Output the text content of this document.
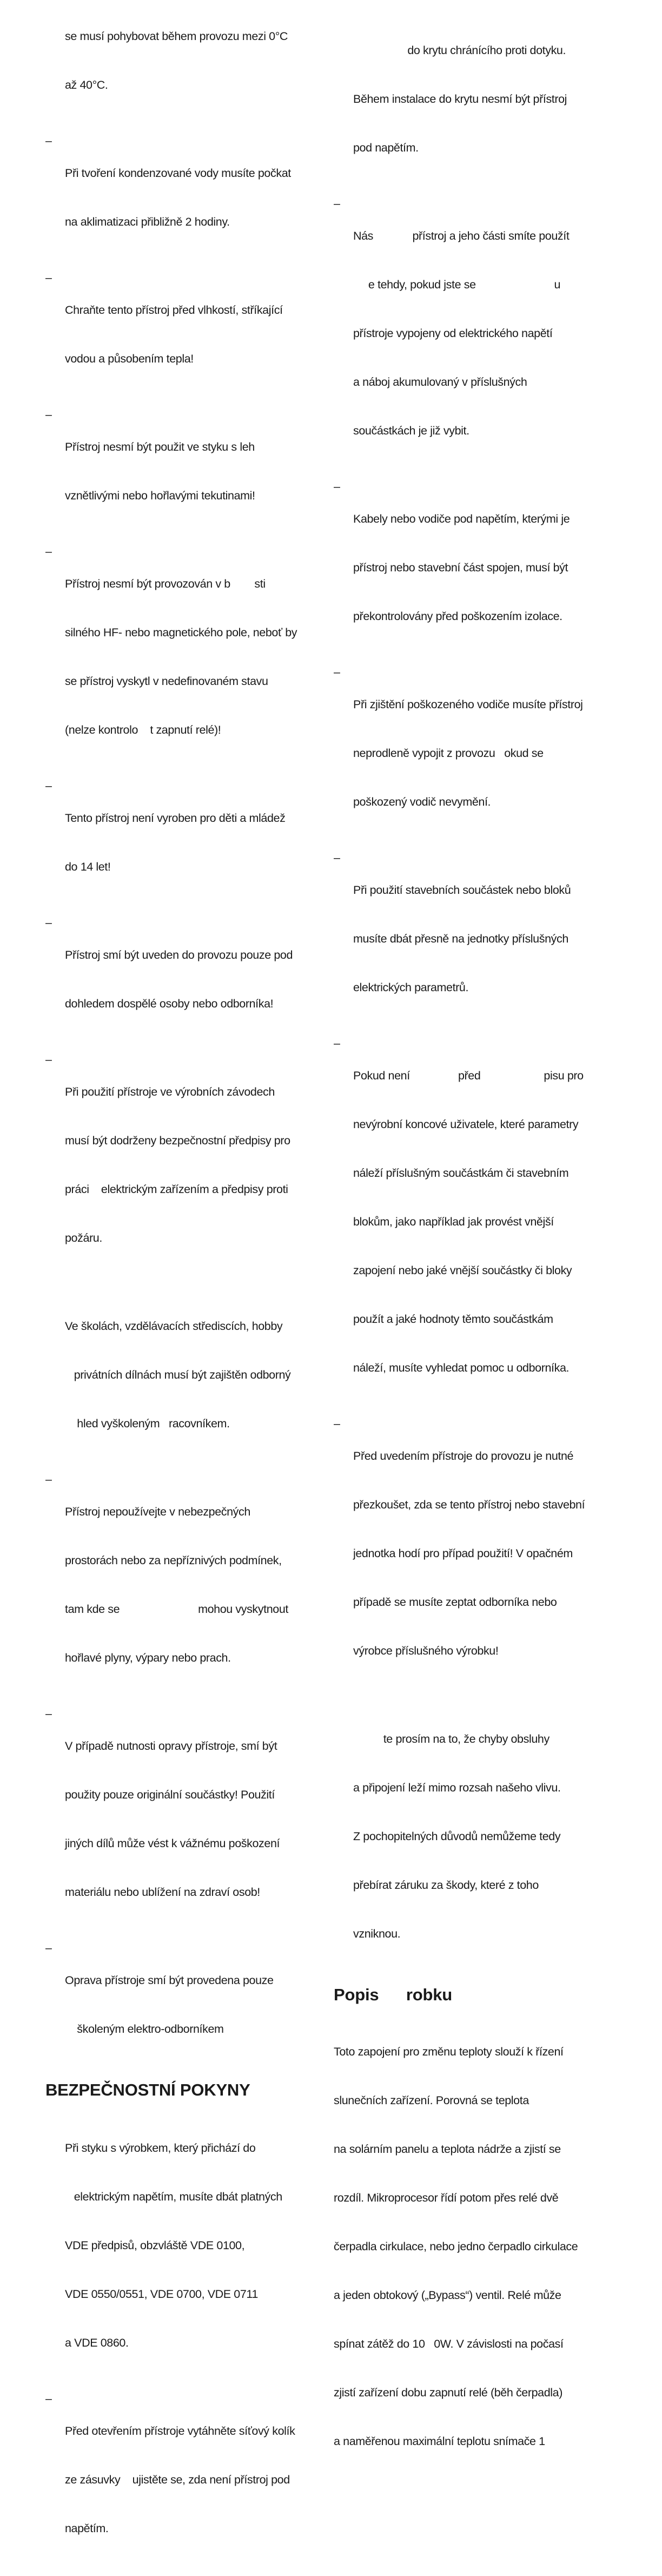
se musí pohybovat během provozu mezi 0°C

až 40°C.

–

Při tvoření kondenzované vody musíte počkat

na aklimatizaci přibližně 2 hodiny.

–

Chraňte tento přístroj před vlhkostí, stříkající

vodou a působením tepla!

–

Přístroj nesmí být použit ve styku s leh

vznětlivými nebo hořlavými tekutinami!

–

Přístroj nesmí být provozován v b        sti

silného HF- nebo magnetického pole, neboť by

se přístroj vyskytl v nedefinovaném stavu

(nelze kontrolo    t zapnutí relé)!

–

Tento přístroj není vyroben pro děti a mládež

do 14 let!

–

Přístroj smí být uveden do provozu pouze pod

dohledem dospělé osoby nebo odborníka!

–

Při použití přístroje ve výrobních závodech

musí být dodrženy bezpečnostní předpisy pro

práci    elektrickým zařízením a předpisy proti

požáru.

Ve školách, vzdělávacích střediscích, hobby

privátních dílnách musí být zajištěn odborný

hled vyškoleným   racovníkem.

–

Přístroj nepoužívejte v nebezpečných

prostorách nebo za nepříznivých podmínek,

tam kde se                          mohou vyskytnout

hořlavé plyny, výpary nebo prach.

–

V případě nutnosti opravy přístroje, smí být

použity pouze originální součástky! Použití

jiných dílů může vést k vážnému poškození

materiálu nebo ublížení na zdraví osob!

–

Oprava přístroje smí být provedena pouze

školeným elektro-odborníkem

BEZPEČNOSTNÍ POKYNY

Při styku s výrobkem, který přichází do

elektrickým napětím, musíte dbát platných

VDE předpisů, obzvláště VDE 0100,

VDE 0550/0551, VDE 0700, VDE 0711

a VDE 0860.

–

Před otevřením přístroje vytáhněte síťový kolík

ze zásuvky    ujistěte se, zda není přístroj pod

napětím.

do krytu chránícího proti dotyku.

Během instalace do krytu nesmí být přístroj

pod napětím.

–

Nás             přístroj a jeho části smíte použít

e tehdy, pokud jste se                          u

přístroje vypojeny od elektrického napětí

a náboj akumulovaný v příslušných

součástkách je již vybit.

–

Kabely nebo vodiče pod napětím, kterými je

přístroj nebo stavební část spojen, musí být

překontrolovány před poškozením izolace.

–

Při zjištění poškozeného vodiče musíte přístroj

neprodleně vypojit z provozu   okud se

poškozený vodič nevymění.

–

Při použití stavebních součástek nebo bloků

musíte dbát přesně na jednotky příslušných

elektrických parametrů.

–

Pokud není                před                     pisu pro

nevýrobní koncové uživatele, které parametry

náleží příslušným součástkám či stavebním

blokům, jako například jak provést vnější

zapojení nebo jaké vnější součástky či bloky

použít a jaké hodnoty těmto součástkám

náleží, musíte vyhledat pomoc u odborníka.

–

Před uvedením přístroje do provozu je nutné

přezkoušet, zda se tento přístroj nebo stavební

jednotka hodí pro případ použití! V opačném

případě se musíte zeptat odborníka nebo

výrobce příslušného výrobku!

te prosím na to, že chyby obsluhy

a připojení leží mimo rozsah našeho vlivu.

Z pochopitelných důvodů nemůžeme tedy

přebírat záruku za škody, které z toho

vzniknou.

Popis      robku

Toto zapojení pro změnu teploty slouží k řízení

slunečních zařízení. Porovná se teplota

na solárním panelu a teplota nádrže a zjistí se

rozdíl. Mikroprocesor řídí potom přes relé dvě

čerpadla cirkulace, nebo jedno čerpadlo cirkulace

a jeden obtokový („Bypass“) ventil. Relé může

spínat zátěž do 10   0W. V závislosti na počasí

zjistí zařízení dobu zapnutí relé (běh čerpadla)

a naměřenou maximální teplotu snímače 1
